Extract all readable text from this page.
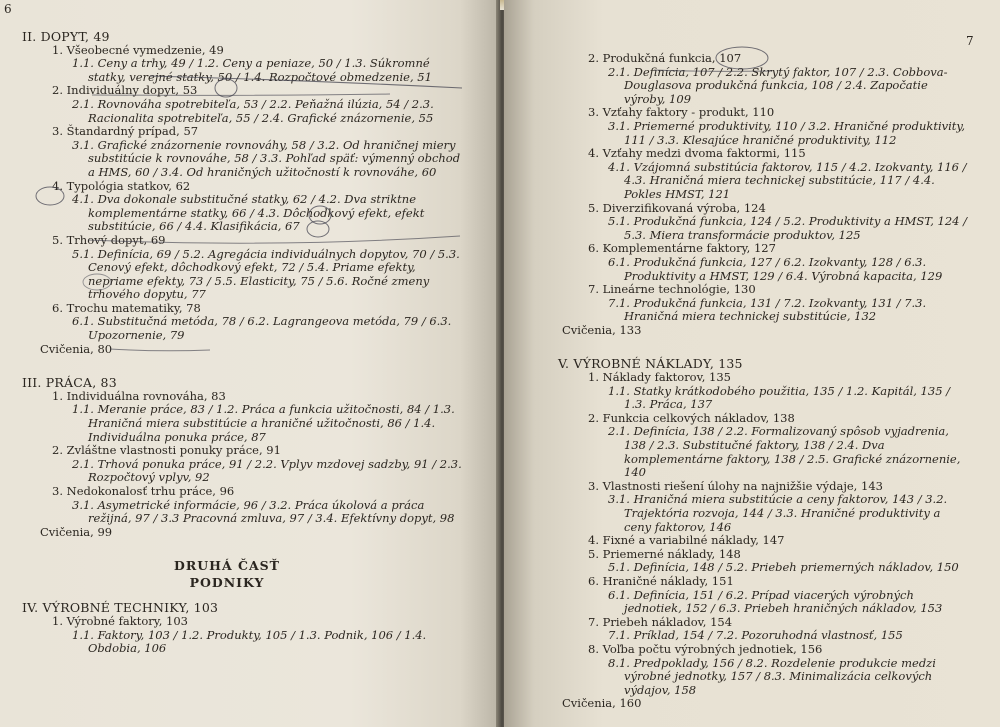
6
II. DOPYT, 49
1. Všeobecné vymedzenie, 49
1.1. Ceny a trhy, 49 / 1.2. Ceny a peniaze, 50 / 1.3. Súkromné statky, verejné statky, 50 / 1.4. Rozpočtové obmedzenie, 51
2. Individuálny dopyt, 53
2.1. Rovnováha spotrebiteľa, 53 / 2.2. Peňažná ilúzia, 54 / 2.3. Racionalita spotrebiteľa, 55 / 2.4. Grafické znázornenie, 55
3. Štandardný prípad, 57
3.1. Grafické znázornenie rovnováhy, 58 / 3.2. Od hraničnej miery substitúcie k rovnováhe, 58 / 3.3. Pohľad späť: výmenný obchod a HMS, 60 / 3.4. Od hraničných užitočností k rovnováhe, 60
4. Typológia statkov, 62
4.1. Dva dokonale substitučné statky, 62 / 4.2. Dva striktne komplementárne statky, 66 / 4.3. Dôchodkový efekt, efekt substitúcie, 66 / 4.4. Klasifikácia, 67
5. Trhový dopyt, 69
5.1. Definícia, 69 / 5.2. Agregácia individuálnych dopytov, 70 / 5.3. Cenový efekt, dôchodkový efekt, 72 / 5.4. Priame efekty, nepriame efekty, 73 / 5.5. Elasticity, 75 / 5.6. Ročné zmeny trhového dopytu, 77
6. Trochu matematiky, 78
6.1. Substitučná metóda, 78 / 6.2. Lagrangeova metóda, 79 / 6.3. Upozornenie, 79
Cvičenia, 80
III. PRÁCA, 83
1. Individuálna rovnováha, 83
1.1. Meranie práce, 83 / 1.2. Práca a funkcia užitočnosti, 84 / 1.3. Hraničná miera substitúcie a hraničné užitočnosti, 86 / 1.4. Individuálna ponuka práce, 87
2. Zvláštne vlastnosti ponuky práce, 91
2.1. Trhová ponuka práce, 91 / 2.2. Vplyv mzdovej sadzby, 91 / 2.3. Rozpočtový vplyv, 92
3. Nedokonalosť trhu práce, 96
3.1. Asymetrické informácie, 96 / 3.2. Práca úkolová a práca režijná, 97 / 3.3 Pracovná zmluva, 97 / 3.4. Efektívny dopyt, 98
Cvičenia, 99
DRUHÁ ČASŤ
PODNIKY
IV. VÝROBNÉ TECHNIKY, 103
1. Výrobné faktory, 103
1.1. Faktory, 103 / 1.2. Produkty, 105 / 1.3. Podnik, 106 / 1.4. Obdobia, 106
7
2. Produkčná funkcia, 107
2.1. Definícia, 107 / 2.2. Skrytý faktor, 107 / 2.3. Cobbova-Douglasova produkčná funkcia, 108 / 2.4. Započatie výroby, 109
3. Vzťahy faktory - produkt, 110
3.1. Priemerné produktivity, 110 / 3.2. Hraničné produktivity, 111 / 3.3. Klesajúce hraničné produktivity, 112
4. Vzťahy medzi dvoma faktormi, 115
4.1. Vzájomná substitúcia faktorov, 115 / 4.2. Izokvanty, 116 / 4.3. Hraničná miera technickej substitúcie, 117 / 4.4. Pokles HMST, 121
5. Diverzifikovaná výroba, 124
5.1. Produkčná funkcia, 124 / 5.2. Produktivity a HMST, 124 / 5.3. Miera transformácie produktov, 125
6. Komplementárne faktory, 127
6.1. Produkčná funkcia, 127 / 6.2. Izokvanty, 128 / 6.3. Produktivity a HMST, 129 / 6.4. Výrobná kapacita, 129
7. Lineárne technológie, 130
7.1. Produkčná funkcia, 131 / 7.2. Izokvanty, 131 / 7.3. Hraničná miera technickej substitúcie, 132
Cvičenia, 133
V. VÝROBNÉ NÁKLADY, 135
1. Náklady faktorov, 135
1.1. Statky krátkodobého použitia, 135 / 1.2. Kapitál, 135 / 1.3. Práca, 137
2. Funkcia celkových nákladov, 138
2.1. Definícia, 138 / 2.2. Formalizovaný spôsob vyjadrenia, 138 / 2.3. Substitučné faktory, 138 / 2.4. Dva komplementárne faktory, 138 / 2.5. Grafické znázornenie, 140
3. Vlastnosti riešení úlohy na najnižšie výdaje, 143
3.1. Hraničná miera substitúcie a ceny faktorov, 143 / 3.2. Trajektória rozvoja, 144 / 3.3. Hraničné produktivity a ceny faktorov, 146
4. Fixné a variabilné náklady, 147
5. Priemerné náklady, 148
5.1. Definícia, 148 / 5.2. Priebeh priemerných nákladov, 150
6. Hraničné náklady, 151
6.1. Definícia, 151 / 6.2. Prípad viacerých výrobných jednotiek, 152 / 6.3. Priebeh hraničných nákladov, 153
7. Priebeh nákladov, 154
7.1. Príklad, 154 / 7.2. Pozoruhodná vlastnosť, 155
8. Voľba počtu výrobných jednotiek, 156
8.1. Predpoklady, 156 / 8.2. Rozdelenie produkcie medzi výrobné jednotky, 157 / 8.3. Minimalizácia celkových výdajov, 158
Cvičenia, 160
